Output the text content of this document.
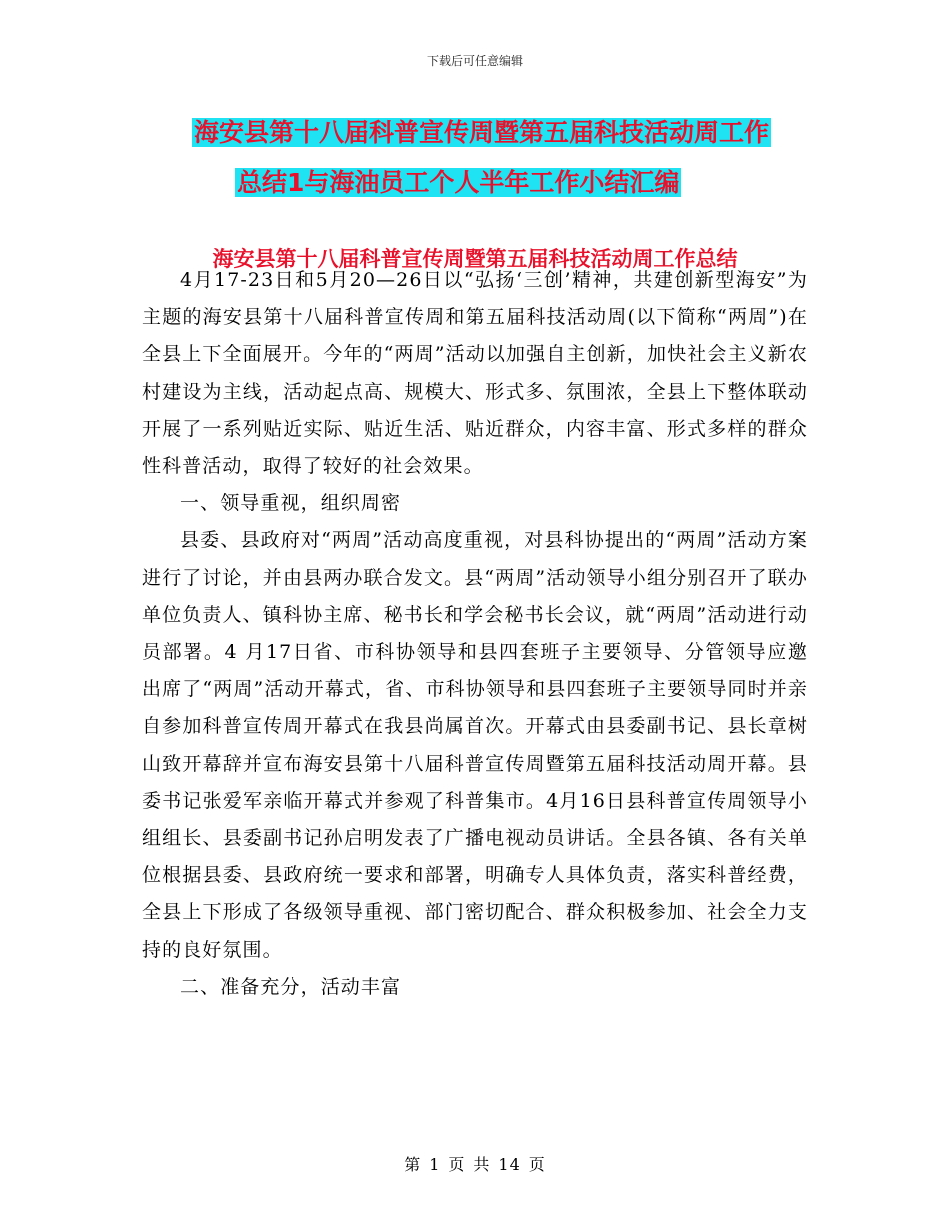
下载后可任意编辑
海安县第十八届科普宣传周暨第五届科技活动周工作
总结1与海油员工个人半年工作小结汇编
海安县第十八届科普宣传周暨第五届科技活动周工作总结

4月17-23日和5月20—26日以“弘扬‘三创’精神，共建创新型海安”为主题的海安县第十八届科普宣传周和第五届科技活动周(以下简称“两周”)在全县上下全面展开。今年的“两周”活动以加强自主创新，加快社会主义新农村建设为主线，活动起点高、规模大、形式多、氛围浓，全县上下整体联动开展了一系列贴近实际、贴近生活、贴近群众，内容丰富、形式多样的群众性科普活动，取得了较好的社会效果。

一、领导重视，组织周密

县委、县政府对“两周”活动高度重视，对县科协提出的“两周”活动方案进行了讨论，并由县两办联合发文。县“两周”活动领导小组分别召开了联办单位负责人、镇科协主席、秘书长和学会秘书长会议，就“两周”活动进行动员部署。4 月17日省、市科协领导和县四套班子主要领导、分管领导应邀出席了“两周”活动开幕式，省、市科协领导和县四套班子主要领导同时并亲自参加科普宣传周开幕式在我县尚属首次。开幕式由县委副书记、县长章树山致开幕辞并宣布海安县第十八届科普宣传周暨第五届科技活动周开幕。县委书记张爱军亲临开幕式并参观了科普集市。4月16日县科普宣传周领导小组组长、县委副书记孙启明发表了广播电视动员讲话。全县各镇、各有关单位根据县委、县政府统一要求和部署，明确专人具体负责，落实科普经费，全县上下形成了各级领导重视、部门密切配合、群众积极参加、社会全力支持的良好氛围。

二、准备充分，活动丰富

第 1 页 共 14 页
